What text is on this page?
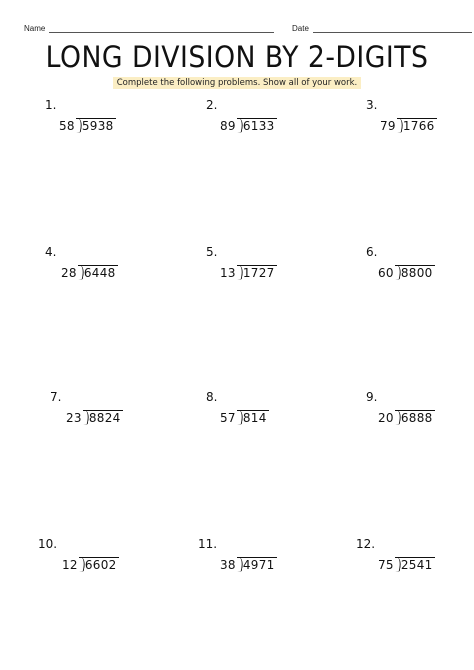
Name	Date
LONG DIVISION BY 2-DIGITS
Complete the following problems. Show all of your work.
1.
58 5938
2.
89 6133
3.
79 1766
4.
28 6448
5.
13 1727
6.
60 8800
7.
23 8824
8.
57 814
9.
20 6888
10.
12 6602
11.
38 4971
12.
75 2541
